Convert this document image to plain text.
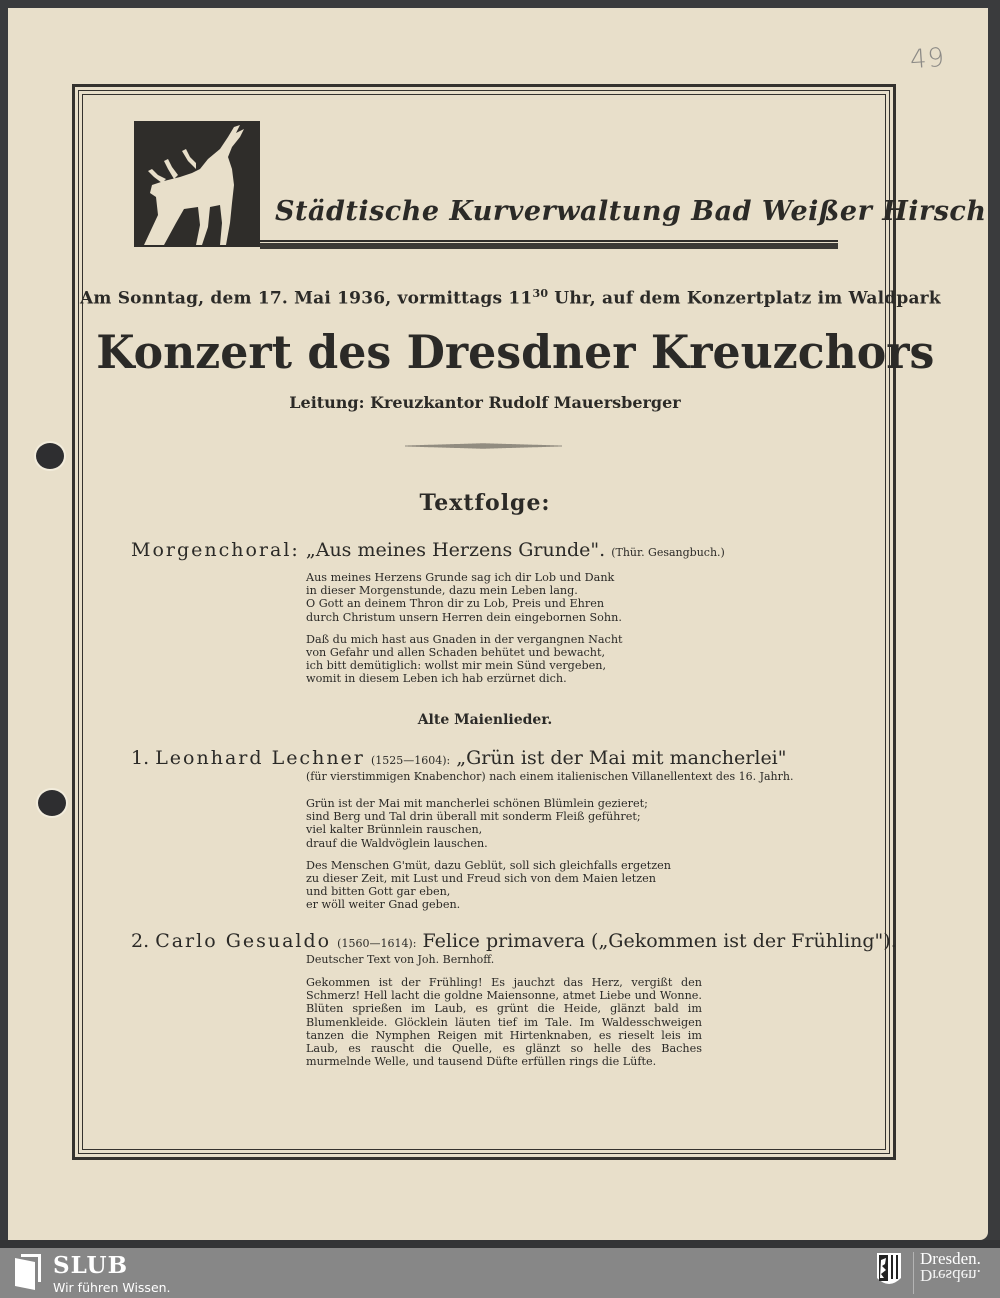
49
Städtische Kurverwaltung Bad Weißer Hirsch
Am Sonntag, dem 17. Mai 1936, vormittags $11^{30}$ Uhr, auf dem Konzertplatz im Waldpark
Konzert des Dresdner Kreuzchors
Leitung: Kreuzkantor Rudolf Mauersberger
Textfolge:
Morgenchoral: „Aus meines Herzens Grunde". (Thür. Gesangbuch.)
Aus meines Herzens Grunde sag ich dir Lob und Dank
in dieser Morgenstunde, dazu mein Leben lang.
O Gott an deinem Thron dir zu Lob, Preis und Ehren
durch Christum unsern Herren dein eingebornen Sohn.
Daß du mich hast aus Gnaden in der vergangnen Nacht
von Gefahr und allen Schaden behütet und bewacht,
ich bitt demütiglich: wollst mir mein Sünd vergeben,
womit in diesem Leben ich hab erzürnet dich.
Alte Maienlieder.
1. Leonhard Lechner (1525—1604): „Grün ist der Mai mit mancherlei"
(für vierstimmigen Knabenchor) nach einem italienischen Villanellentext des 16. Jahrh.
Grün ist der Mai mit mancherlei schönen Blümlein gezieret;
sind Berg und Tal drin überall mit sonderm Fleiß geführet;
viel kalter Brünnlein rauschen,
drauf die Waldvöglein lauschen.
Des Menschen G'müt, dazu Geblüt, soll sich gleichfalls ergetzen
zu dieser Zeit, mit Lust und Freud sich von dem Maien letzen
und bitten Gott gar eben,
er wöll weiter Gnad geben.
2. Carlo Gesualdo (1560—1614): Felice primavera („Gekommen ist der Frühling").
Deutscher Text von Joh. Bernhoff.
Gekommen ist der Frühling! Es jauchzt das Herz, vergißt den Schmerz! Hell lacht die goldne Maiensonne, atmet Liebe und Wonne. Blüten sprießen im Laub, es grünt die Heide, glänzt bald im Blumenkleide. Glöcklein läuten tief im Tale. Im Waldesschweigen tanzen die Nymphen Reigen mit Hirtenknaben, es rieselt leis im Laub, es rauscht die Quelle, es glänzt so helle des Baches murmelnde Welle, und tausend Düfte erfüllen rings die Lüfte.
SLUB
Wir führen Wissen.
Dresden.
Dresden.
